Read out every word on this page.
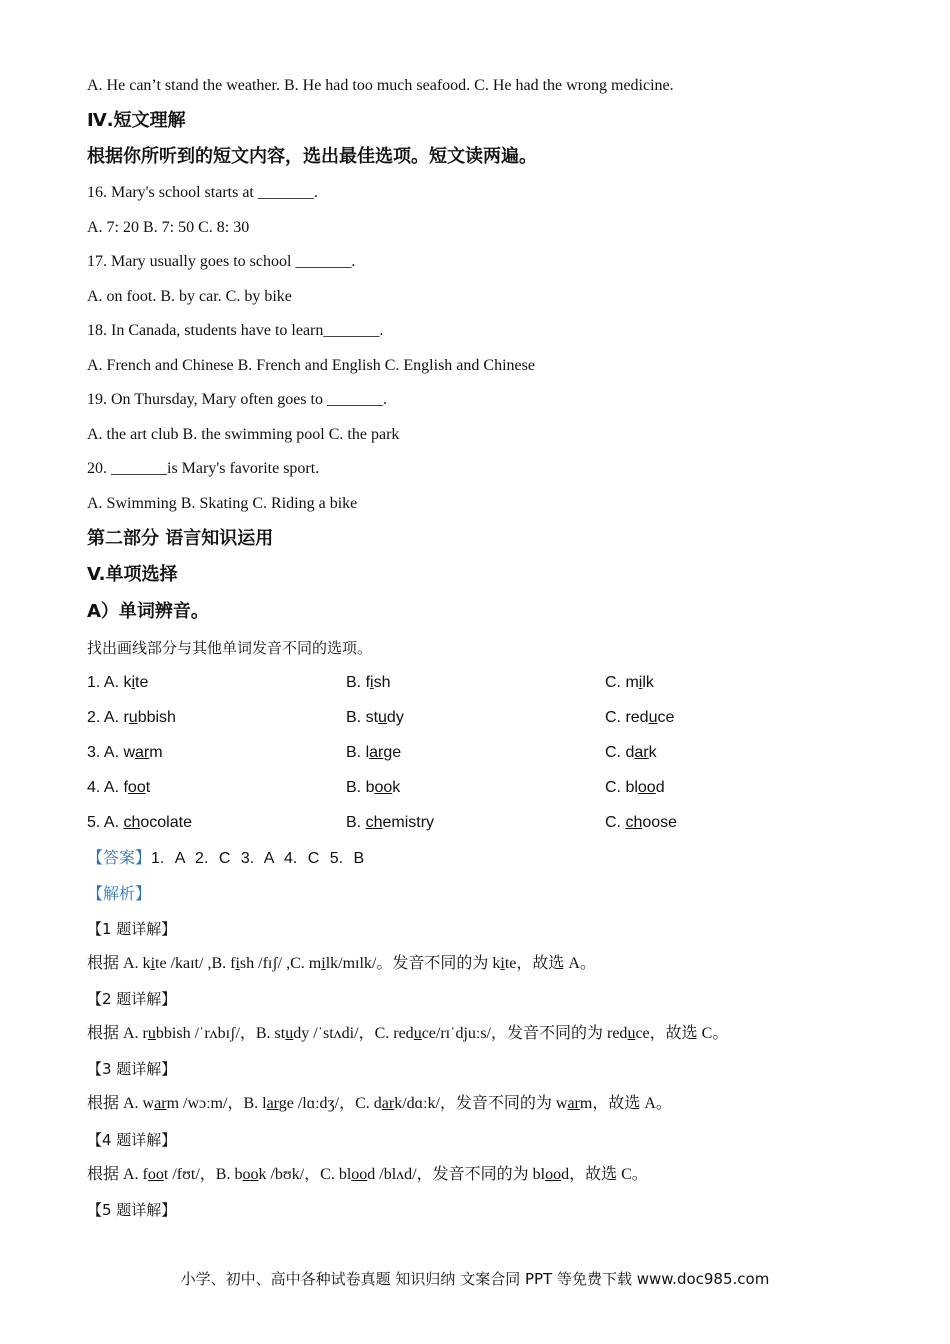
A. He can’t stand the weather. B. He had too much seafood. C. He had the wrong medicine.
Ⅳ.短文理解
根据你所听到的短文内容，选出最佳选项。短文读两遍。
16. Mary's school starts at _______.
A. 7: 20 B. 7: 50 C. 8: 30
17. Mary usually goes to school _______.
A. on foot. B. by car. C. by bike
18. In Canada, students have to learn_______.
A. French and Chinese B. French and English C. English and Chinese
19. On Thursday, Mary often goes to _______.
A. the art club B. the swimming pool C. the park
20. _______is Mary's favorite sport.
A. Swimming B. Skating C. Riding a bike
第二部分 语言知识运用
V.单项选择
A）单词辨音。
找出画线部分与其他单词发音不同的选项。
1. A. kite	B. fish	C. milk
2. A. rubbish	B. study	C. reduce
3. A. warm	B. large	C. dark
4. A. foot	B. book	C. blood
5. A. chocolate	B. chemistry	C. choose
【答案】1. A 2. C 3. A 4. C 5. B
【解析】
【1 题详解】
根据 A. kite /kaɪt/ ,B. fish /fɪʃ/ ,C. milk/mɪlk/。发音不同的为 kite，故选 A。
【2 题详解】
根据 A. rubbish /ˈrʌbɪʃ/，B. study /ˈstʌdi/，C. reduce/rɪˈdjuːs/，发音不同的为 reduce，故选 C。
【3 题详解】
根据 A. warm /wɔːm/，B. large /lɑːdʒ/，C. dark/dɑːk/，发音不同的为 warm，故选 A。
【4 题详解】
根据 A. foot /fʊt/，B. book /bʊk/，C. blood /blʌd/，发音不同的为 blood，故选 C。
【5 题详解】
小学、初中、高中各种试卷真题 知识归纳 文案合同 PPT 等免费下载 www.doc985.com
